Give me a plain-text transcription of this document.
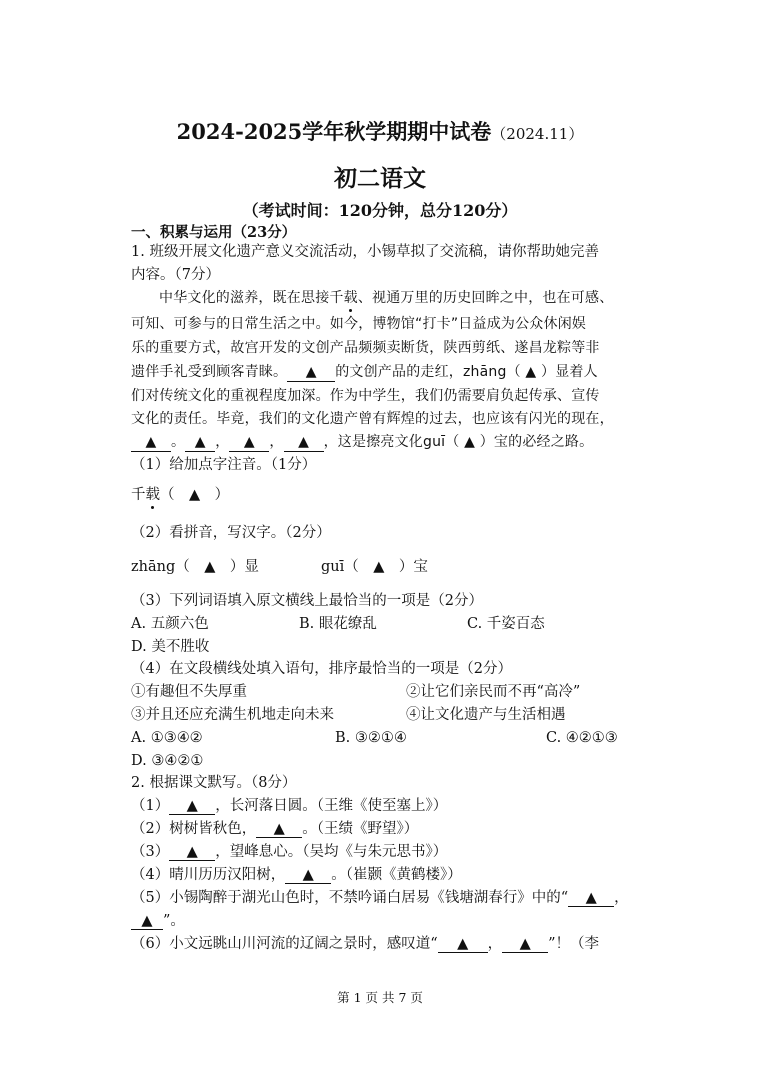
2024-2025学年秋学期期中试卷（2024.11）
初二语文
（考试时间：120分钟，总分120分）
一、积累与运用（23分）
1. 班级开展文化遗产意义交流活动，小锡草拟了交流稿，请你帮助她完善
内容。（7分）
中华文化的滋养，既在思接千载、视通万里的历史回眸之中，也在可感、
可知、可参与的日常生活之中。如今，博物馆“打卡”日益成为公众休闲娱
乐的重要方式，故宫开发的文创产品频频卖断货，陕西剪纸、遂昌龙粽等非
遗伴手礼受到顾客青睐。 ▲ 的文创产品的走红，zhāng（ ▲ ）显着人
们对传统文化的重视程度加深。作为中学生，我们仍需要肩负起传承、宣传
文化的责任。毕竟，我们的文化遗产曾有辉煌的过去，也应该有闪光的现在，
▲ 。 ▲ ， ▲ ， ▲ ，这是擦亮文化guī（ ▲ ）宝的必经之路。
（1）给加点字注音。（1分）
千载（　▲　）
（2）看拼音，写汉字。（2分）
zhāng（　▲　）显	guī（　▲　）宝
（3）下列词语填入原文横线上最恰当的一项是（2分）
A. 五颜六色	B. 眼花缭乱	C. 千姿百态
D. 美不胜收
（4）在文段横线处填入语句，排序最恰当的一项是（2分）
①有趣但不失厚重	②让它们亲民而不再“高冷”
③并且还应充满生机地走向未来	④让文化遗产与生活相遇
A. ①③④②	B. ③②①④	C. ④②①③
D. ③④②①
2. 根据课文默写。（8分）
（1） ▲ ，长河落日圆。（王维《使至塞上》）
（2）树树皆秋色， ▲ 。（王绩《野望》）
（3） ▲ ，望峰息心。（吴均《与朱元思书》）
（4）晴川历历汉阳树， ▲ 。（崔颢《黄鹤楼》）
（5）小锡陶醉于湖光山色时，不禁吟诵白居易《钱塘湖春行》中的“ ▲ ，
▲ ”。
（6）小文远眺山川河流的辽阔之景时，感叹道“ ▲ ， ▲ ”！（李
第 1 页 共 7 页
